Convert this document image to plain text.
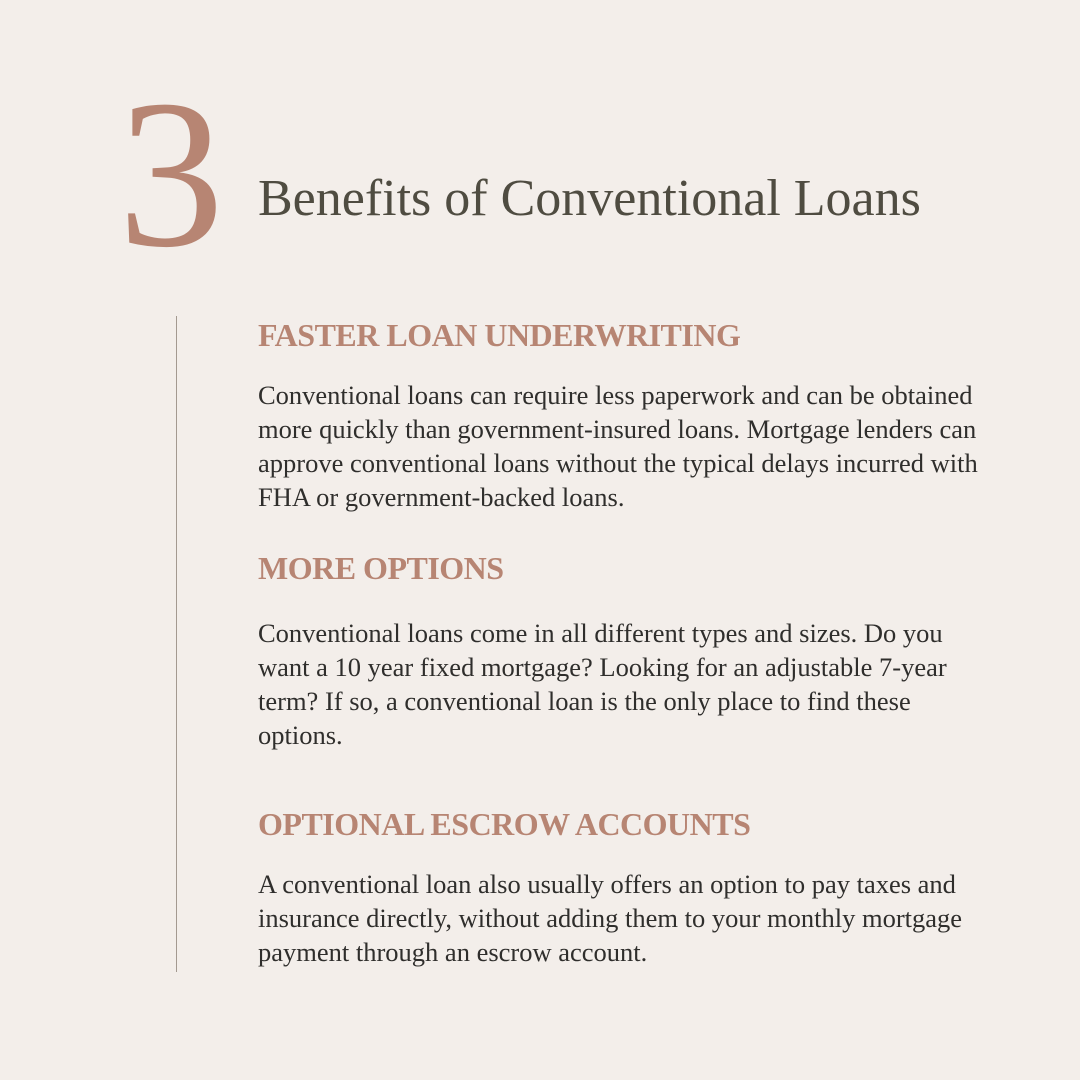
3 Benefits of Conventional Loans
FASTER LOAN UNDERWRITING
Conventional loans can require less paperwork and can be obtained more quickly than government-insured loans. Mortgage lenders can approve conventional loans without the typical delays incurred with FHA or government-backed loans.
MORE OPTIONS
Conventional loans come in all different types and sizes. Do you want a 10 year fixed mortgage? Looking for an adjustable 7-year term? If so, a conventional loan is the only place to find these options.
OPTIONAL ESCROW ACCOUNTS
A conventional loan also usually offers an option to pay taxes and insurance directly, without adding them to your monthly mortgage payment through an escrow account.
